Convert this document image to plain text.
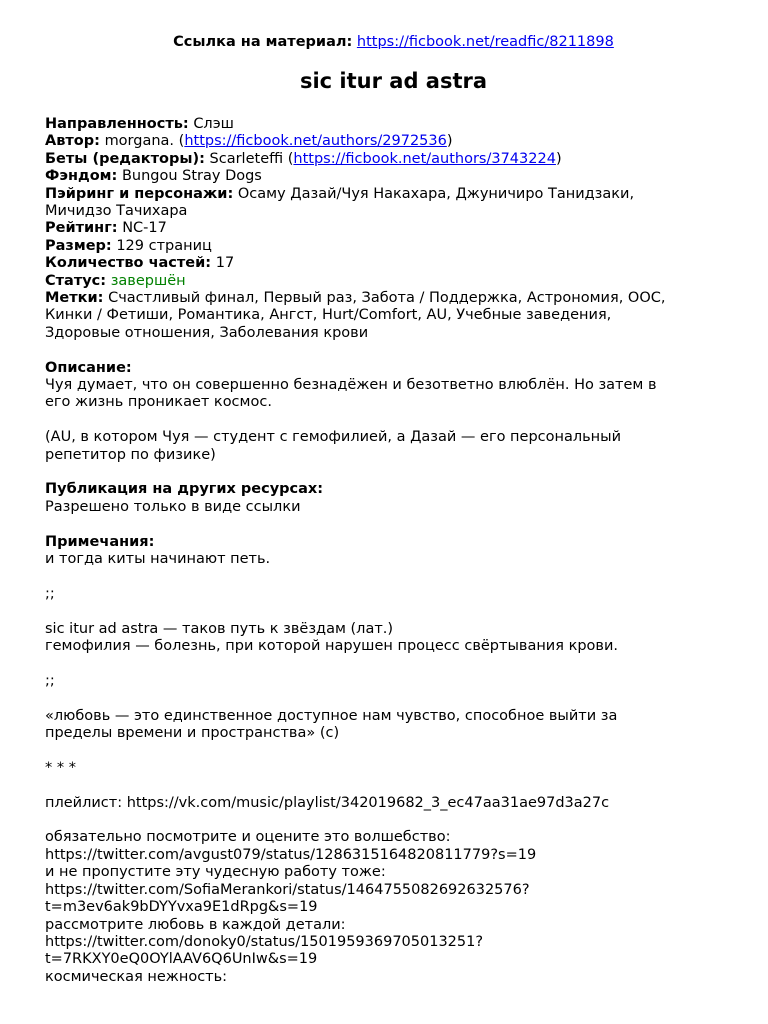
Ссылка на материал: https://ficbook.net/readfic/8211898
sic itur ad astra
Направленность: Слэш
Автор: morgana. (https://ficbook.net/authors/2972536)
Беты (редакторы): Scarleteffi (https://ficbook.net/authors/3743224)
Фэндом: Bungou Stray Dogs
Пэйринг и персонажи: Осаму Дазай/Чуя Накахара, Джуничиро Танидзаки,
Мичидзо Тачихара
Рейтинг: NC-17
Размер: 129 страниц
Количество частей: 17
Статус: завершён
Метки: Счастливый финал, Первый раз, Забота / Поддержка, Астрономия, ООС,
Кинки / Фетиши, Романтика, Ангст, Hurt/Comfort, AU, Учебные заведения,
Здоровые отношения, Заболевания крови
Описание:
Чуя думает, что он совершенно безнадёжен и безответно влюблён. Но затем в
его жизнь проникает космос.
(AU, в котором Чуя — студент с гемофилией, а Дазай — его персональный
репетитор по физике)
Публикация на других ресурсах:
Разрешено только в виде ссылки
Примечания:
и тогда киты начинают петь.
;;
sic itur ad astra — таков путь к звёздам (лат.)
гемофилия — болезнь, при которой нарушен процесс свёртывания крови.
;;
«любовь — это единственное доступное нам чувство, способное выйти за
пределы времени и пространства» (с)
* * *
плейлист: https://vk.com/music/playlist/342019682_3_ec47aa31ae97d3a27c
обязательно посмотрите и оцените это волшебство:
https://twitter.com/avgust079/status/1286315164820811779?s=19
и не пропустите эту чудесную работу тоже:
https://twitter.com/SofiaMerankori/status/1464755082692632576?
t=m3ev6ak9bDYYvxa9E1dRpg&s=19
рассмотрите любовь в каждой детали:
https://twitter.com/donoky0/status/1501959369705013251?
t=7RKXY0eQ0OYlAAV6Q6UnIw&s=19
космическая нежность:
